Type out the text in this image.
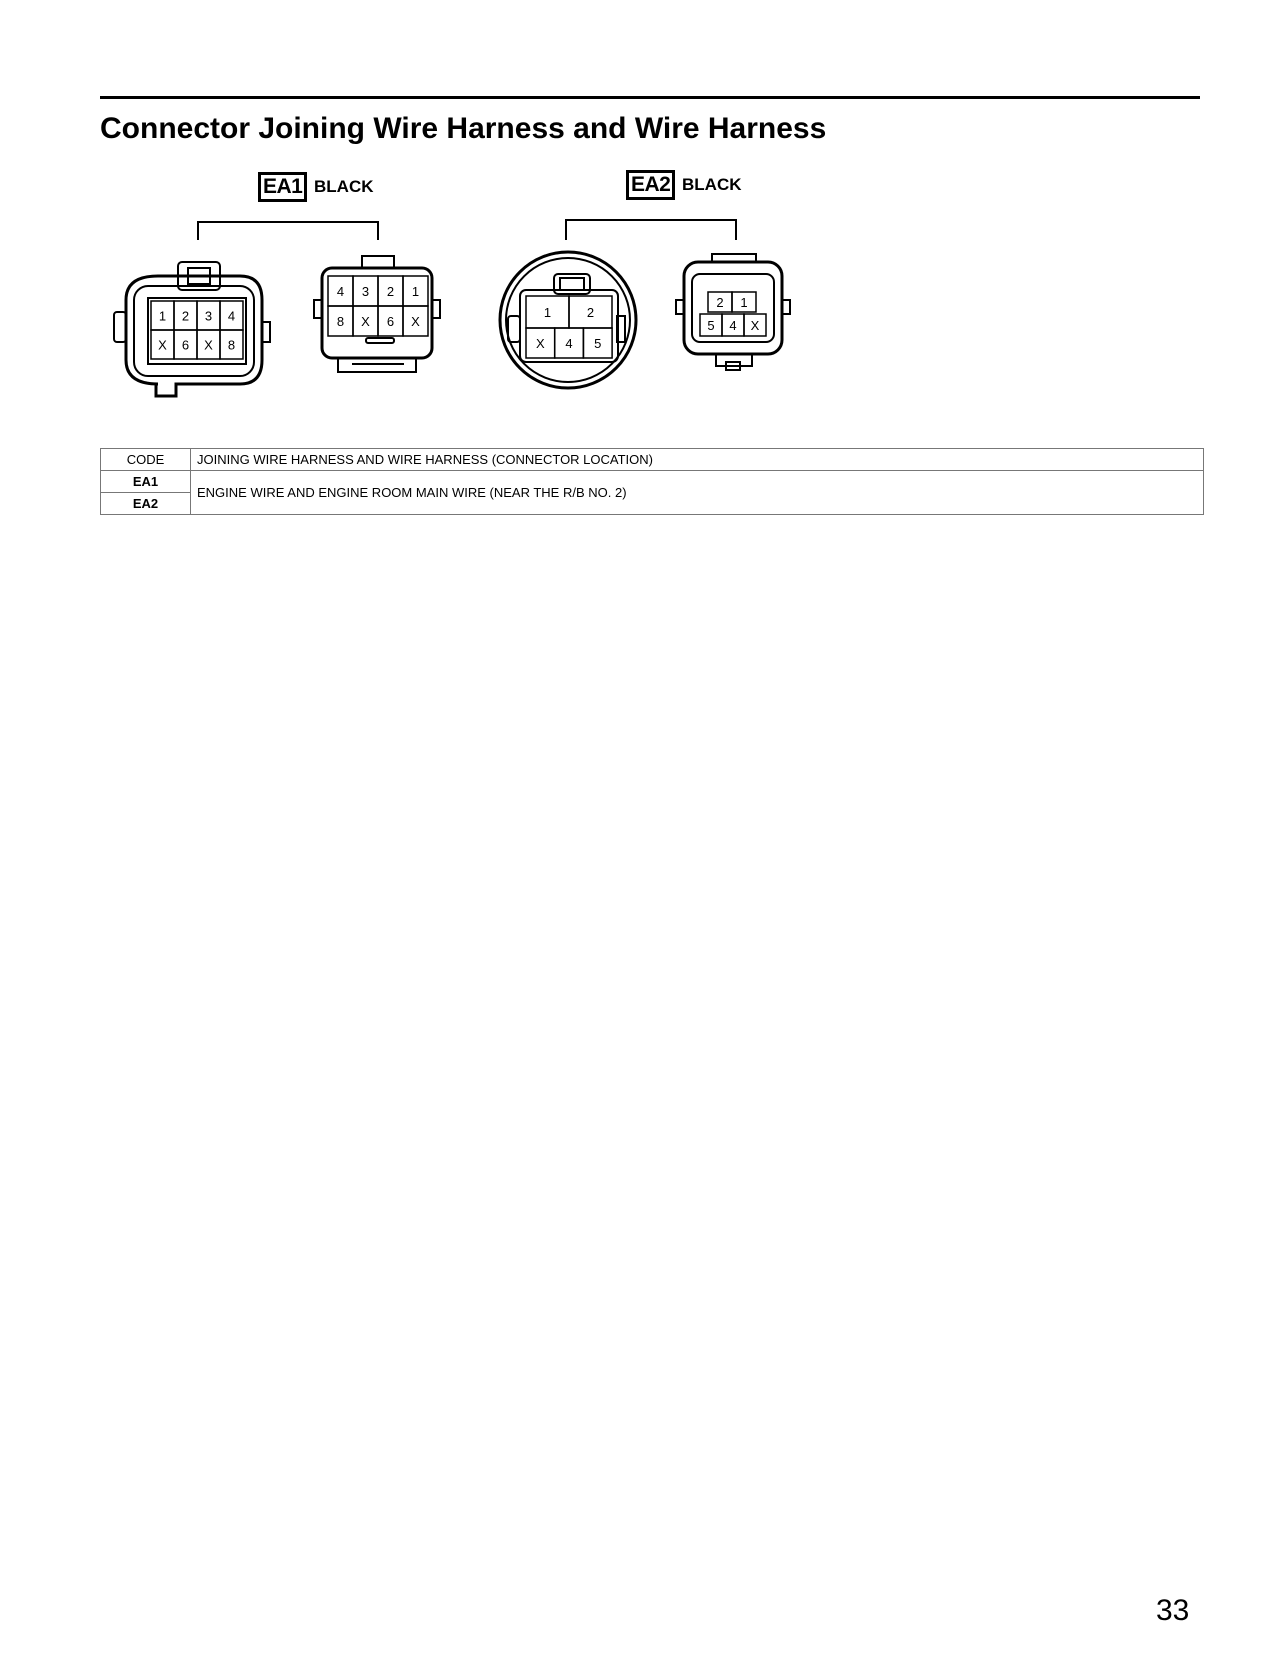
Connector Joining Wire Harness and Wire Harness
EA1 BLACK	EA2 BLACK
1 2 3 4
X 6 X 8
4 3 2 1
8 X 6 X
1	2
X 4 5
2 1
5 4 X
CODE	JOINING WIRE HARNESS AND WIRE HARNESS (CONNECTOR LOCATION)
EA1	ENGINE WIRE AND ENGINE ROOM MAIN WIRE (NEAR THE R/B NO. 2)
EA2	
33
